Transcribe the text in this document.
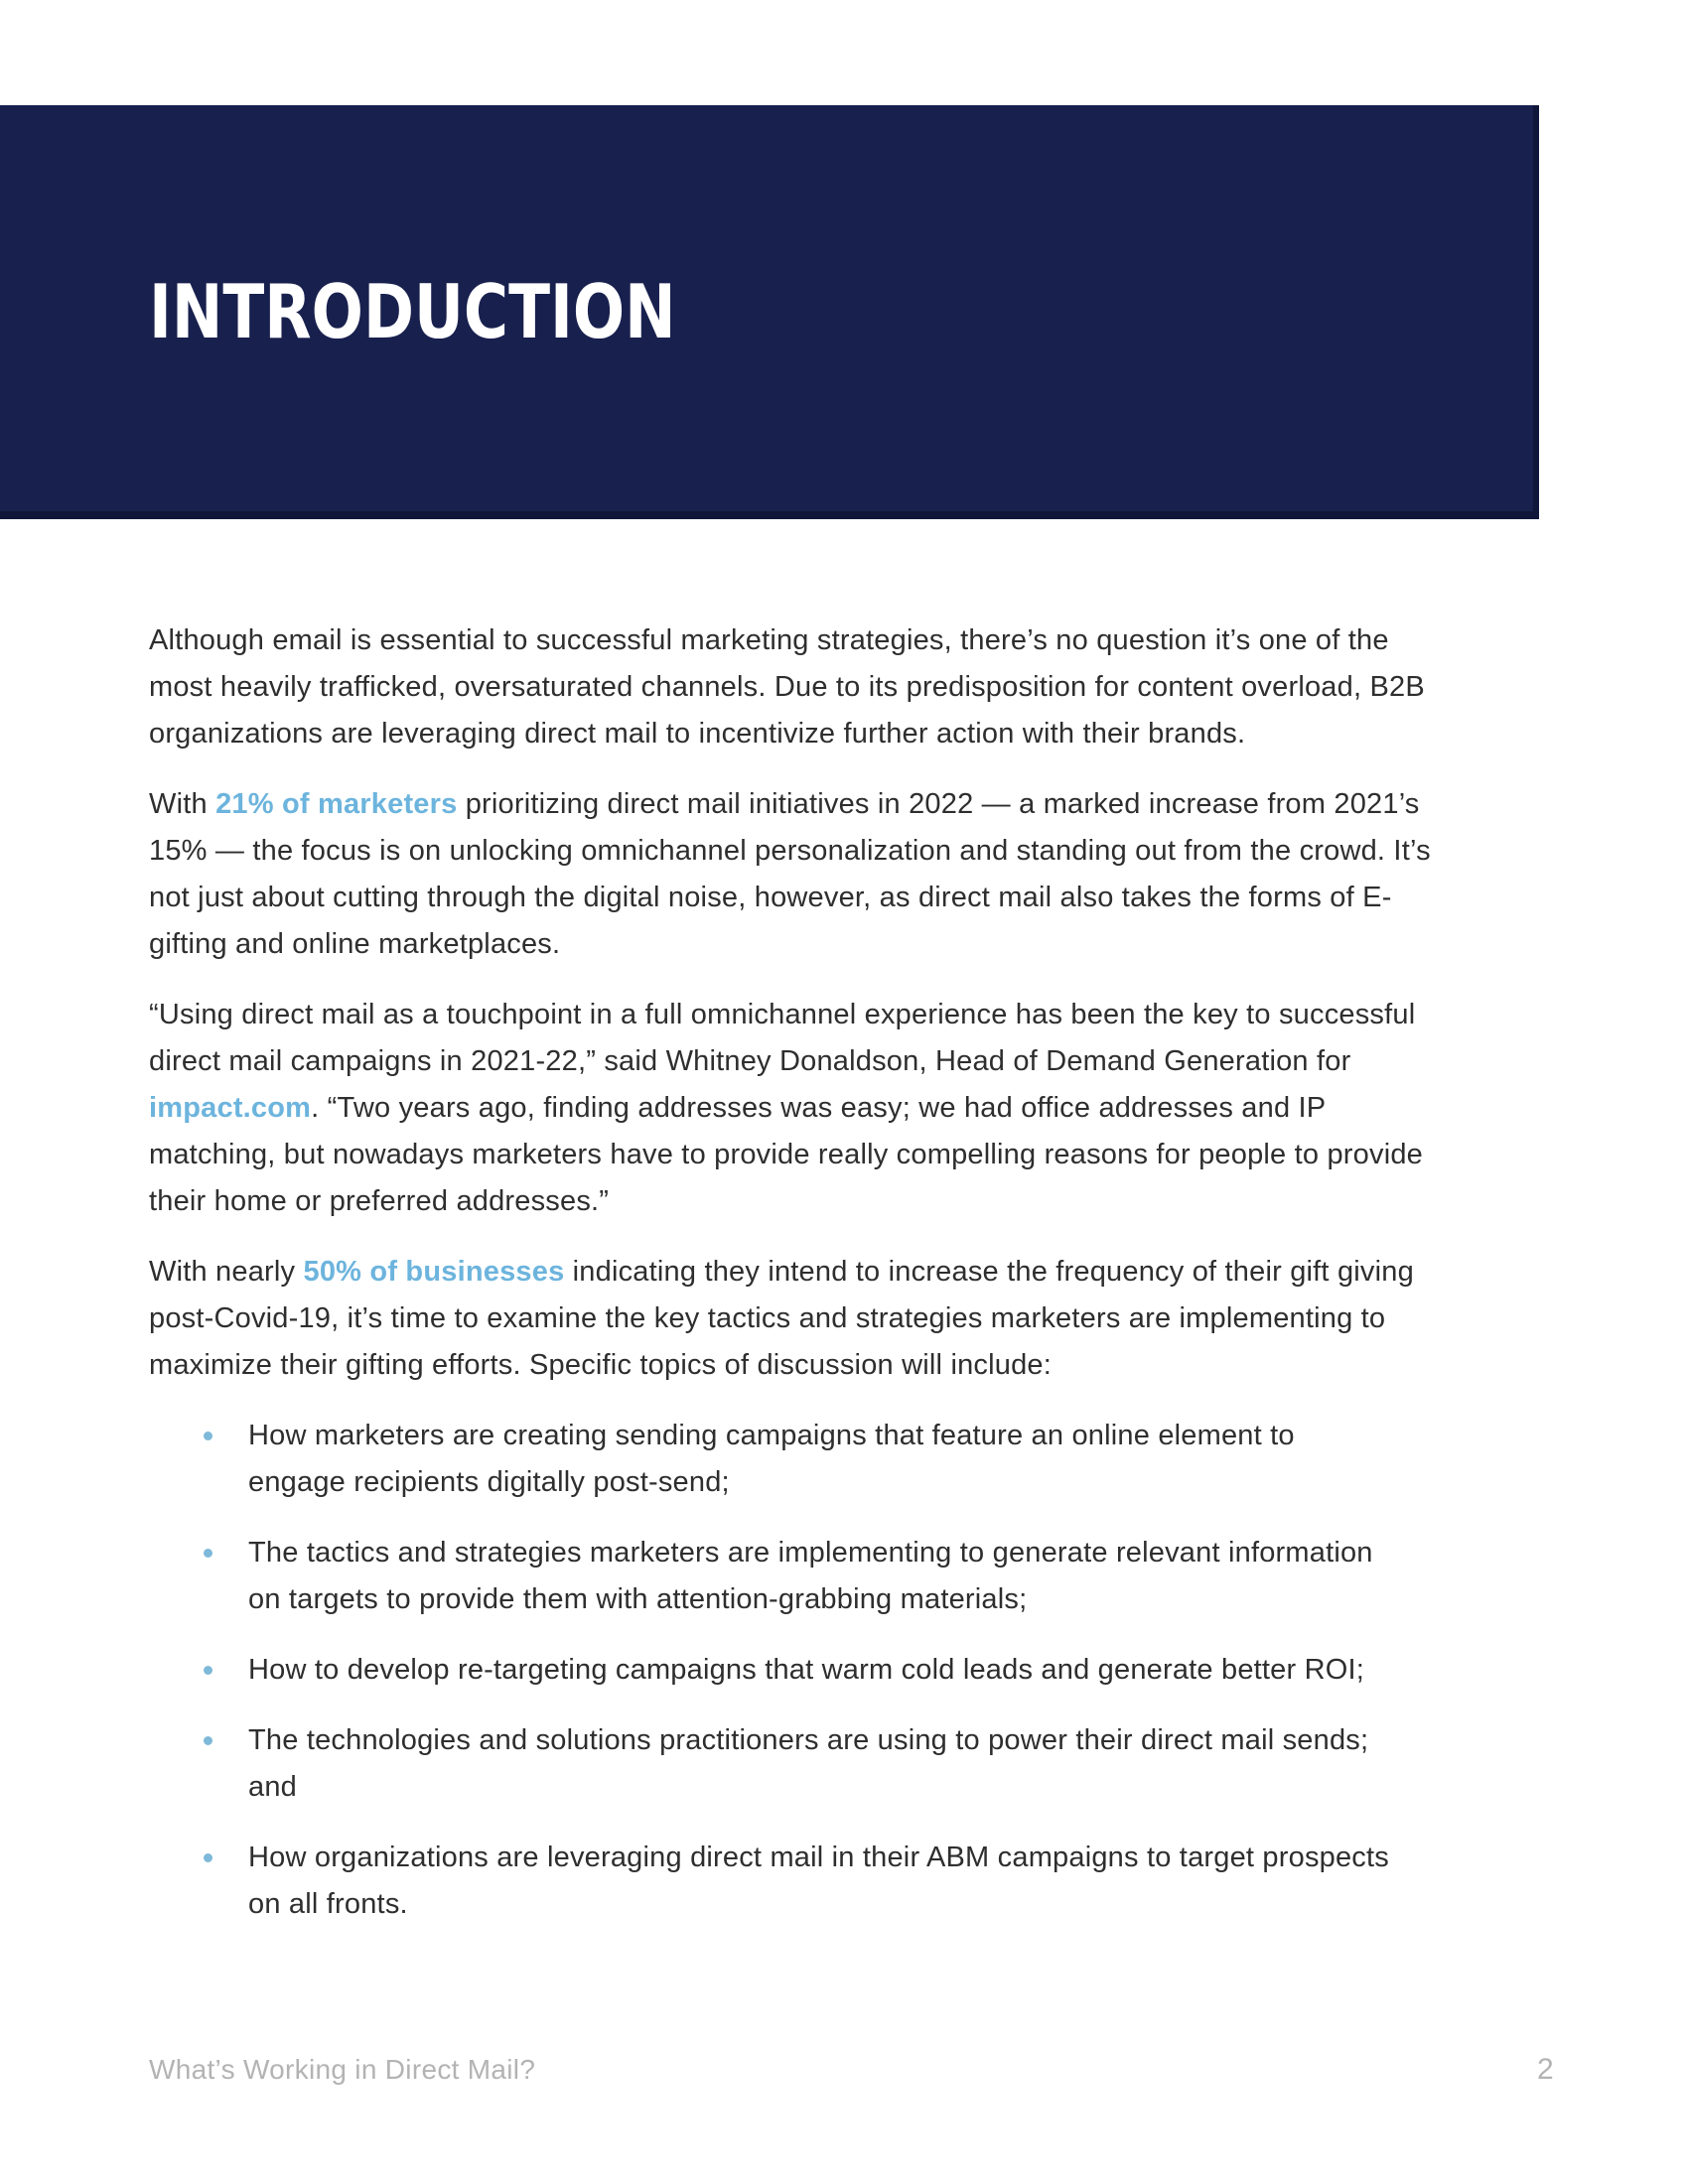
INTRODUCTION

Although email is essential to successful marketing strategies, there’s no question it’s one of the most heavily trafficked, oversaturated channels. Due to its predisposition for content overload, B2B organizations are leveraging direct mail to incentivize further action with their brands.

With 21% of marketers prioritizing direct mail initiatives in 2022 — a marked increase from 2021’s 15% — the focus is on unlocking omnichannel personalization and standing out from the crowd. It’s not just about cutting through the digital noise, however, as direct mail also takes the forms of E-gifting and online marketplaces.

“Using direct mail as a touchpoint in a full omnichannel experience has been the key to successful direct mail campaigns in 2021-22,” said Whitney Donaldson, Head of Demand Generation for impact.com. “Two years ago, finding addresses was easy; we had office addresses and IP matching, but nowadays marketers have to provide really compelling reasons for people to provide their home or preferred addresses.”

With nearly 50% of businesses indicating they intend to increase the frequency of their gift giving post-Covid-19, it’s time to examine the key tactics and strategies marketers are implementing to maximize their gifting efforts. Specific topics of discussion will include:

How marketers are creating sending campaigns that feature an online element to engage recipients digitally post-send;
The tactics and strategies marketers are implementing to generate relevant information on targets to provide them with attention-grabbing materials;
How to develop re-targeting campaigns that warm cold leads and generate better ROI;
The technologies and solutions practitioners are using to power their direct mail sends; and
How organizations are leveraging direct mail in their ABM campaigns to target prospects on all fronts.
What’s Working in Direct Mail?	2
